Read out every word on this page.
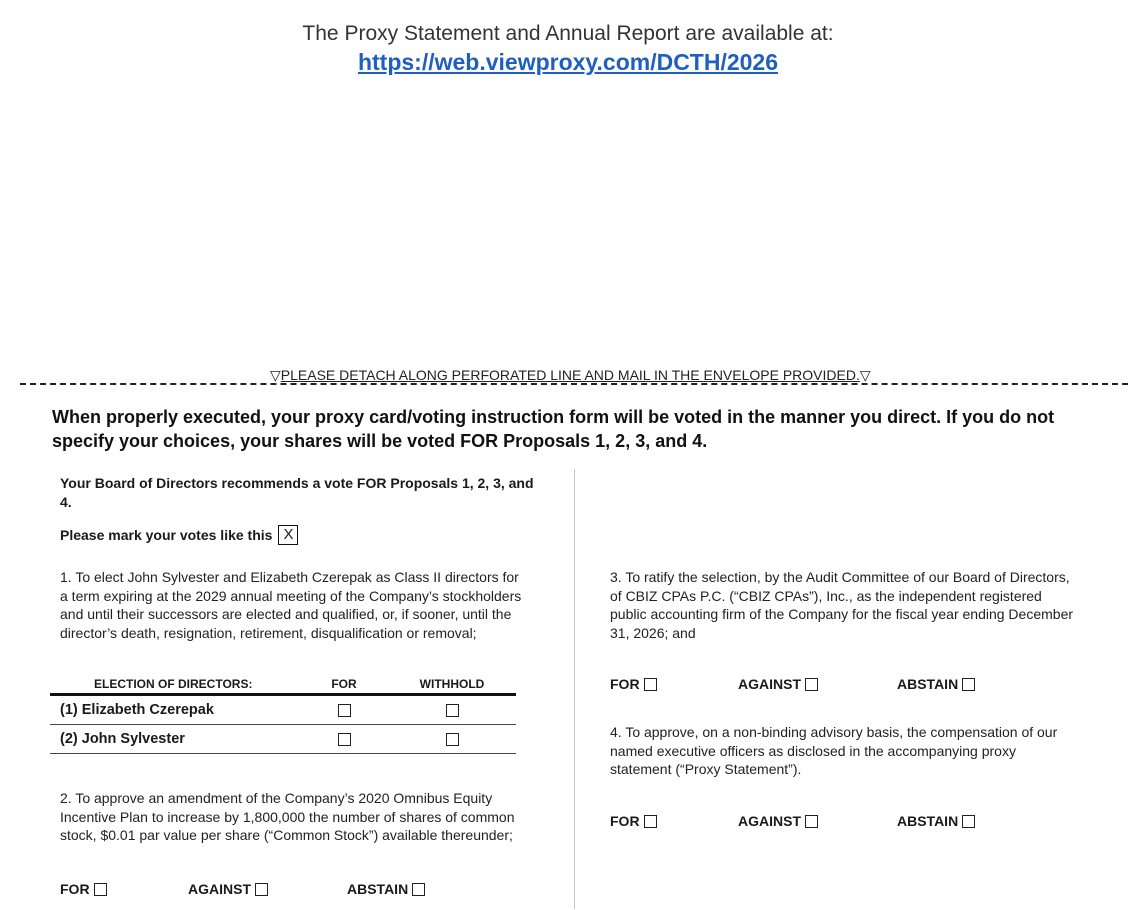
The Proxy Statement and Annual Report are available at:
https://web.viewproxy.com/DCTH/2026
▽PLEASE DETACH ALONG PERFORATED LINE AND MAIL IN THE ENVELOPE PROVIDED.▽
When properly executed, your proxy card/voting instruction form will be voted in the manner you direct. If you do not specify your choices, your shares will be voted FOR Proposals 1, 2, 3, and 4.
Your Board of Directors recommends a vote FOR Proposals 1, 2, 3, and 4.
Please mark your votes like this X
1. To elect John Sylvester and Elizabeth Czerepak as Class II directors for a term expiring at the 2029 annual meeting of the Company’s stockholders and until their successors are elected and qualified, or, if sooner, until the director’s death, resignation, retirement, disqualification or removal;
ELECTION OF DIRECTORS:	FOR	WITHHOLD
(1) Elizabeth Czerepak
(2) John Sylvester
2. To approve an amendment of the Company’s 2020 Omnibus Equity Incentive Plan to increase by 1,800,000 the number of shares of common stock, $0.01 par value per share (“Common Stock”) available thereunder;
FOR	AGAINST	ABSTAIN
3. To ratify the selection, by the Audit Committee of our Board of Directors, of CBIZ CPAs P.C. (“CBIZ CPAs”), Inc., as the independent registered public accounting firm of the Company for the fiscal year ending December 31, 2026; and
FOR	AGAINST	ABSTAIN
4. To approve, on a non-binding advisory basis, the compensation of our named executive officers as disclosed in the accompanying proxy statement (“Proxy Statement”).
FOR	AGAINST	ABSTAIN
